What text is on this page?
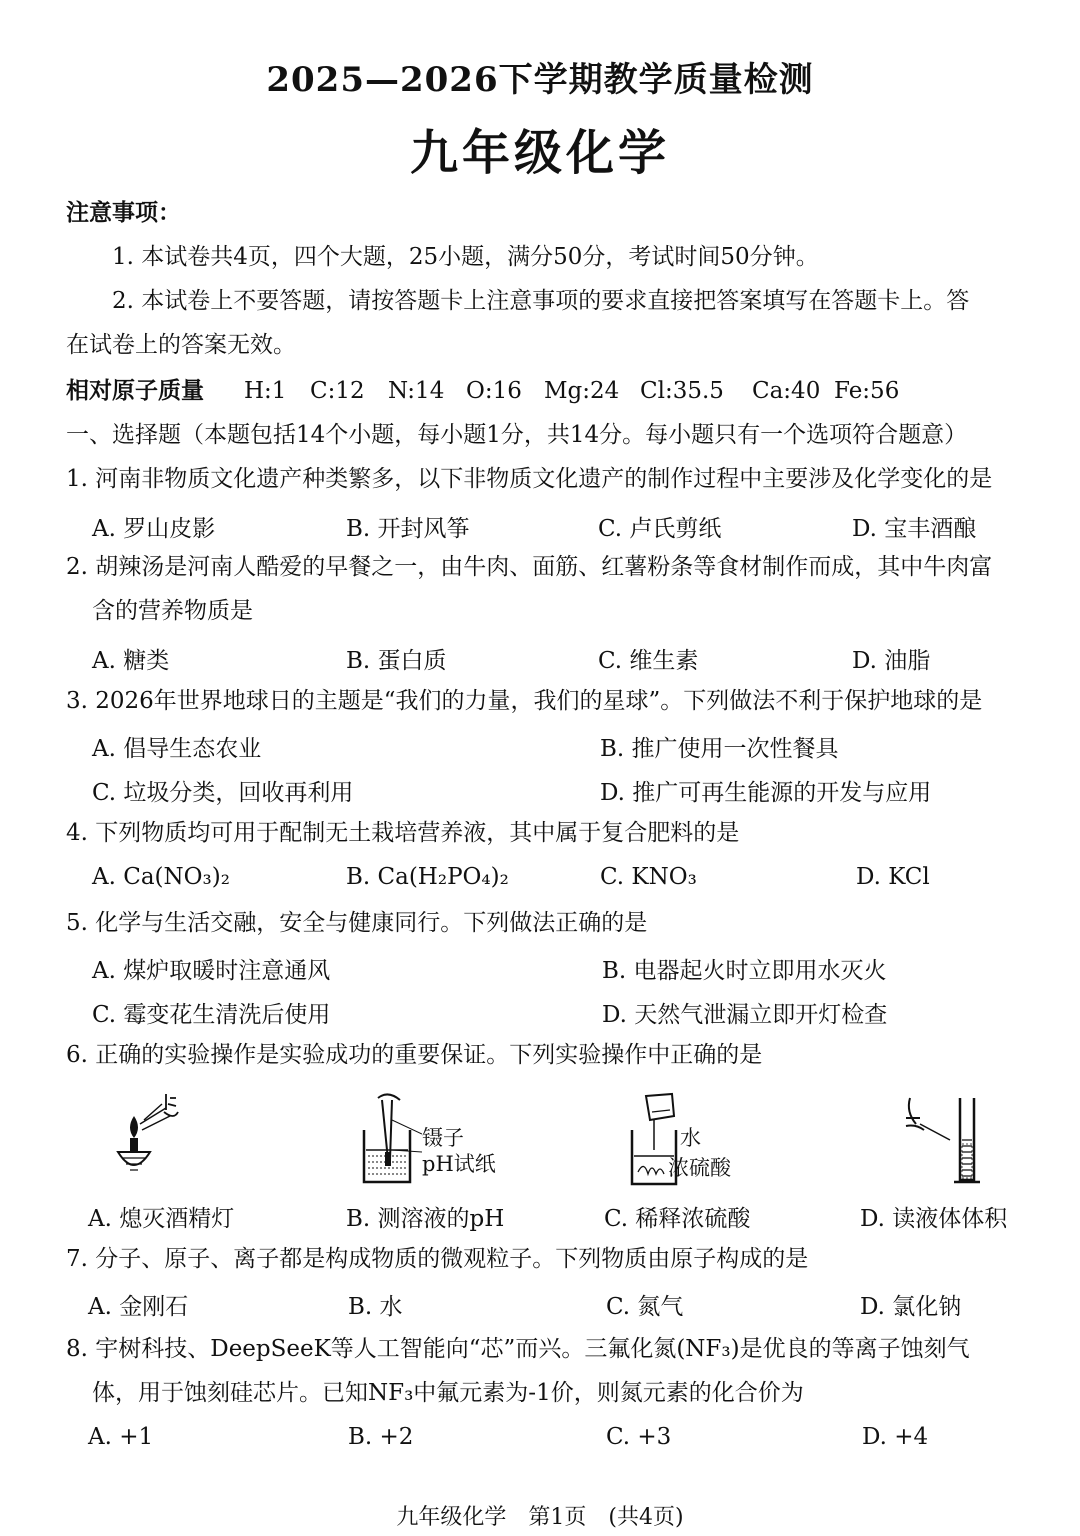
2025—2026下学期教学质量检测
九年级化学
注意事项：
1. 本试卷共4页，四个大题，25小题，满分50分，考试时间50分钟。
2. 本试卷上不要答题，请按答题卡上注意事项的要求直接把答案填写在答题卡上。答
在试卷上的答案无效。
相对原子质量 H:1 C:12 N:14 O:16 Mg:24 Cl:35.5 Ca:40 Fe:56
一、选择题（本题包括14个小题，每小题1分，共14分。每小题只有一个选项符合题意）
1. 河南非物质文化遗产种类繁多，以下非物质文化遗产的制作过程中主要涉及化学变化的是
A. 罗山皮影	B. 开封风筝	C. 卢氏剪纸	D. 宝丰酒酿
2. 胡辣汤是河南人酷爱的早餐之一，由牛肉、面筋、红薯粉条等食材制作而成，其中牛肉富
含的营养物质是
A. 糖类	B. 蛋白质	C. 维生素	D. 油脂
3. 2026年世界地球日的主题是“我们的力量，我们的星球”。下列做法不利于保护地球的是
A. 倡导生态农业	B. 推广使用一次性餐具
C. 垃圾分类，回收再利用	D. 推广可再生能源的开发与应用
4. 下列物质均可用于配制无土栽培营养液，其中属于复合肥料的是
A. Ca(NO₃)₂	B. Ca(H₂PO₄)₂	C. KNO₃	D. KCl
5. 化学与生活交融，安全与健康同行。下列做法正确的是
A. 煤炉取暖时注意通风	B. 电器起火时立即用水灭火
C. 霉变花生清洗后使用	D. 天然气泄漏立即开灯检查
6. 正确的实验操作是实验成功的重要保证。下列实验操作中正确的是
镊子
pH试纸
水
浓硫酸
A. 熄灭酒精灯	B. 测溶液的pH	C. 稀释浓硫酸	D. 读液体体积
7. 分子、原子、离子都是构成物质的微观粒子。下列物质由原子构成的是
A. 金刚石	B. 水	C. 氮气	D. 氯化钠
8. 宇树科技、DeepSeeK等人工智能向“芯”而兴。三氟化氮(NF₃)是优良的等离子蚀刻气
体，用于蚀刻硅芯片。已知NF₃中氟元素为-1价，则氮元素的化合价为
A. +1	B. +2	C. +3	D. +4
九年级化学　第1页　(共4页)
